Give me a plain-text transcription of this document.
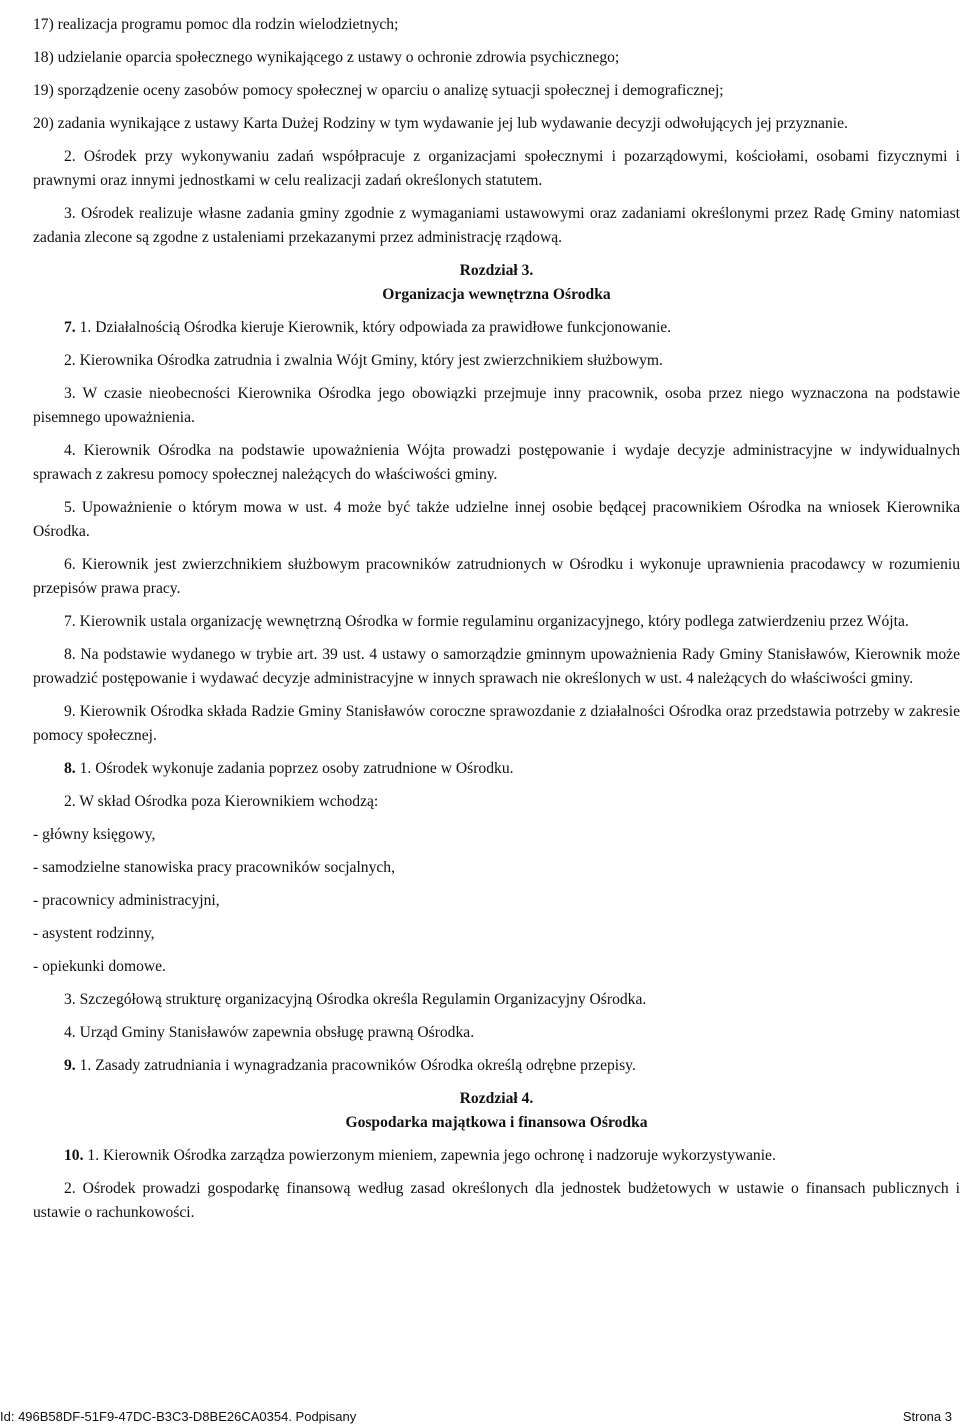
17) realizacja programu pomoc dla rodzin wielodzietnych;

18) udzielanie oparcia społecznego wynikającego z ustawy o ochronie zdrowia psychicznego;

19) sporządzenie oceny zasobów pomocy społecznej w oparciu o analizę sytuacji społecznej i demograficznej;

20) zadania wynikające z ustawy Karta Dużej Rodziny w tym wydawanie jej lub wydawanie decyzji odwołujących jej przyznanie.

2. Ośrodek przy wykonywaniu zadań współpracuje z organizacjami społecznymi i pozarządowymi, kościołami, osobami fizycznymi i prawnymi oraz innymi jednostkami w celu realizacji zadań określonych statutem.

3. Ośrodek realizuje własne zadania gminy zgodnie z wymaganiami ustawowymi oraz zadaniami określonymi przez Radę Gminy natomiast zadania zlecone są zgodne z ustaleniami przekazanymi przez administrację rządową.

Rozdział 3.
Organizacja wewnętrzna Ośrodka

7. 1. Działalnością Ośrodka kieruje Kierownik, który odpowiada za prawidłowe funkcjonowanie.

2. Kierownika Ośrodka zatrudnia i zwalnia Wójt Gminy, który jest zwierzchnikiem służbowym.

3. W czasie nieobecności Kierownika Ośrodka jego obowiązki przejmuje inny pracownik, osoba przez niego wyznaczona na podstawie pisemnego upoważnienia.

4. Kierownik Ośrodka na podstawie upoważnienia Wójta prowadzi postępowanie i wydaje decyzje administracyjne w indywidualnych sprawach z zakresu pomocy społecznej należących do właściwości gminy.

5. Upoważnienie o którym mowa w ust. 4 może być także udzielne innej osobie będącej pracownikiem Ośrodka na wniosek Kierownika Ośrodka.

6. Kierownik jest zwierzchnikiem służbowym pracowników zatrudnionych w Ośrodku i wykonuje uprawnienia pracodawcy w rozumieniu przepisów prawa pracy.

7. Kierownik ustala organizację wewnętrzną Ośrodka w formie regulaminu organizacyjnego, który podlega zatwierdzeniu przez Wójta.

8. Na podstawie wydanego w trybie art. 39 ust. 4 ustawy o samorządzie gminnym upoważnienia Rady Gminy Stanisławów, Kierownik może prowadzić postępowanie i wydawać decyzje administracyjne w innych sprawach nie określonych w ust. 4 należących do właściwości gminy.

9. Kierownik Ośrodka składa Radzie Gminy Stanisławów coroczne sprawozdanie z działalności Ośrodka oraz przedstawia potrzeby w zakresie pomocy społecznej.

8. 1. Ośrodek wykonuje zadania poprzez osoby zatrudnione w Ośrodku.

2. W skład Ośrodka poza Kierownikiem wchodzą:

- główny księgowy,

- samodzielne stanowiska pracy pracowników socjalnych,

- pracownicy administracyjni,

- asystent rodzinny,

- opiekunki domowe.

3. Szczegółową strukturę organizacyjną Ośrodka określa Regulamin Organizacyjny Ośrodka.

4. Urząd Gminy Stanisławów zapewnia obsługę prawną Ośrodka.

9. 1. Zasady zatrudniania i wynagradzania pracowników Ośrodka określą odrębne przepisy.

Rozdział 4.
Gospodarka majątkowa i finansowa Ośrodka

10. 1. Kierownik Ośrodka zarządza powierzonym mieniem, zapewnia jego ochronę i nadzoruje wykorzystywanie.

2. Ośrodek prowadzi gospodarkę finansową według zasad określonych dla jednostek budżetowych w ustawie o finansach publicznych i ustawie o rachunkowości.

Id: 496B58DF-51F9-47DC-B3C3-D8BE26CA0354. Podpisany	Strona 3
